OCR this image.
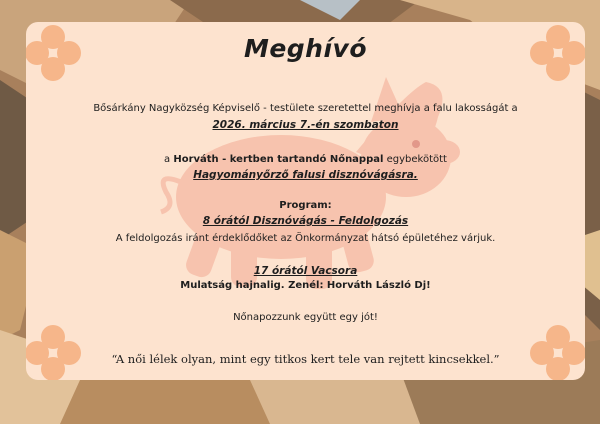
Meghívó
Bősárkány Nagyközség Képviselő - testülete szeretettel meghívja a falu lakosságát a
2026. március 7.-én szombaton
a Horváth - kertben tartandó Nőnappal egybekötött
Hagyományőrző falusi disznóvágásra.
Program:
8 órától Disznóvágás - Feldolgozás
A feldolgozás iránt érdeklődőket az Önkormányzat hátsó épületéhez várjuk.
17 órától Vacsora
Mulatság hajnalig. Zenél: Horváth László Dj!
Nőnapozzunk együtt egy jót!
“A női lélek olyan, mint egy titkos kert tele van rejtett kincsekkel.”
